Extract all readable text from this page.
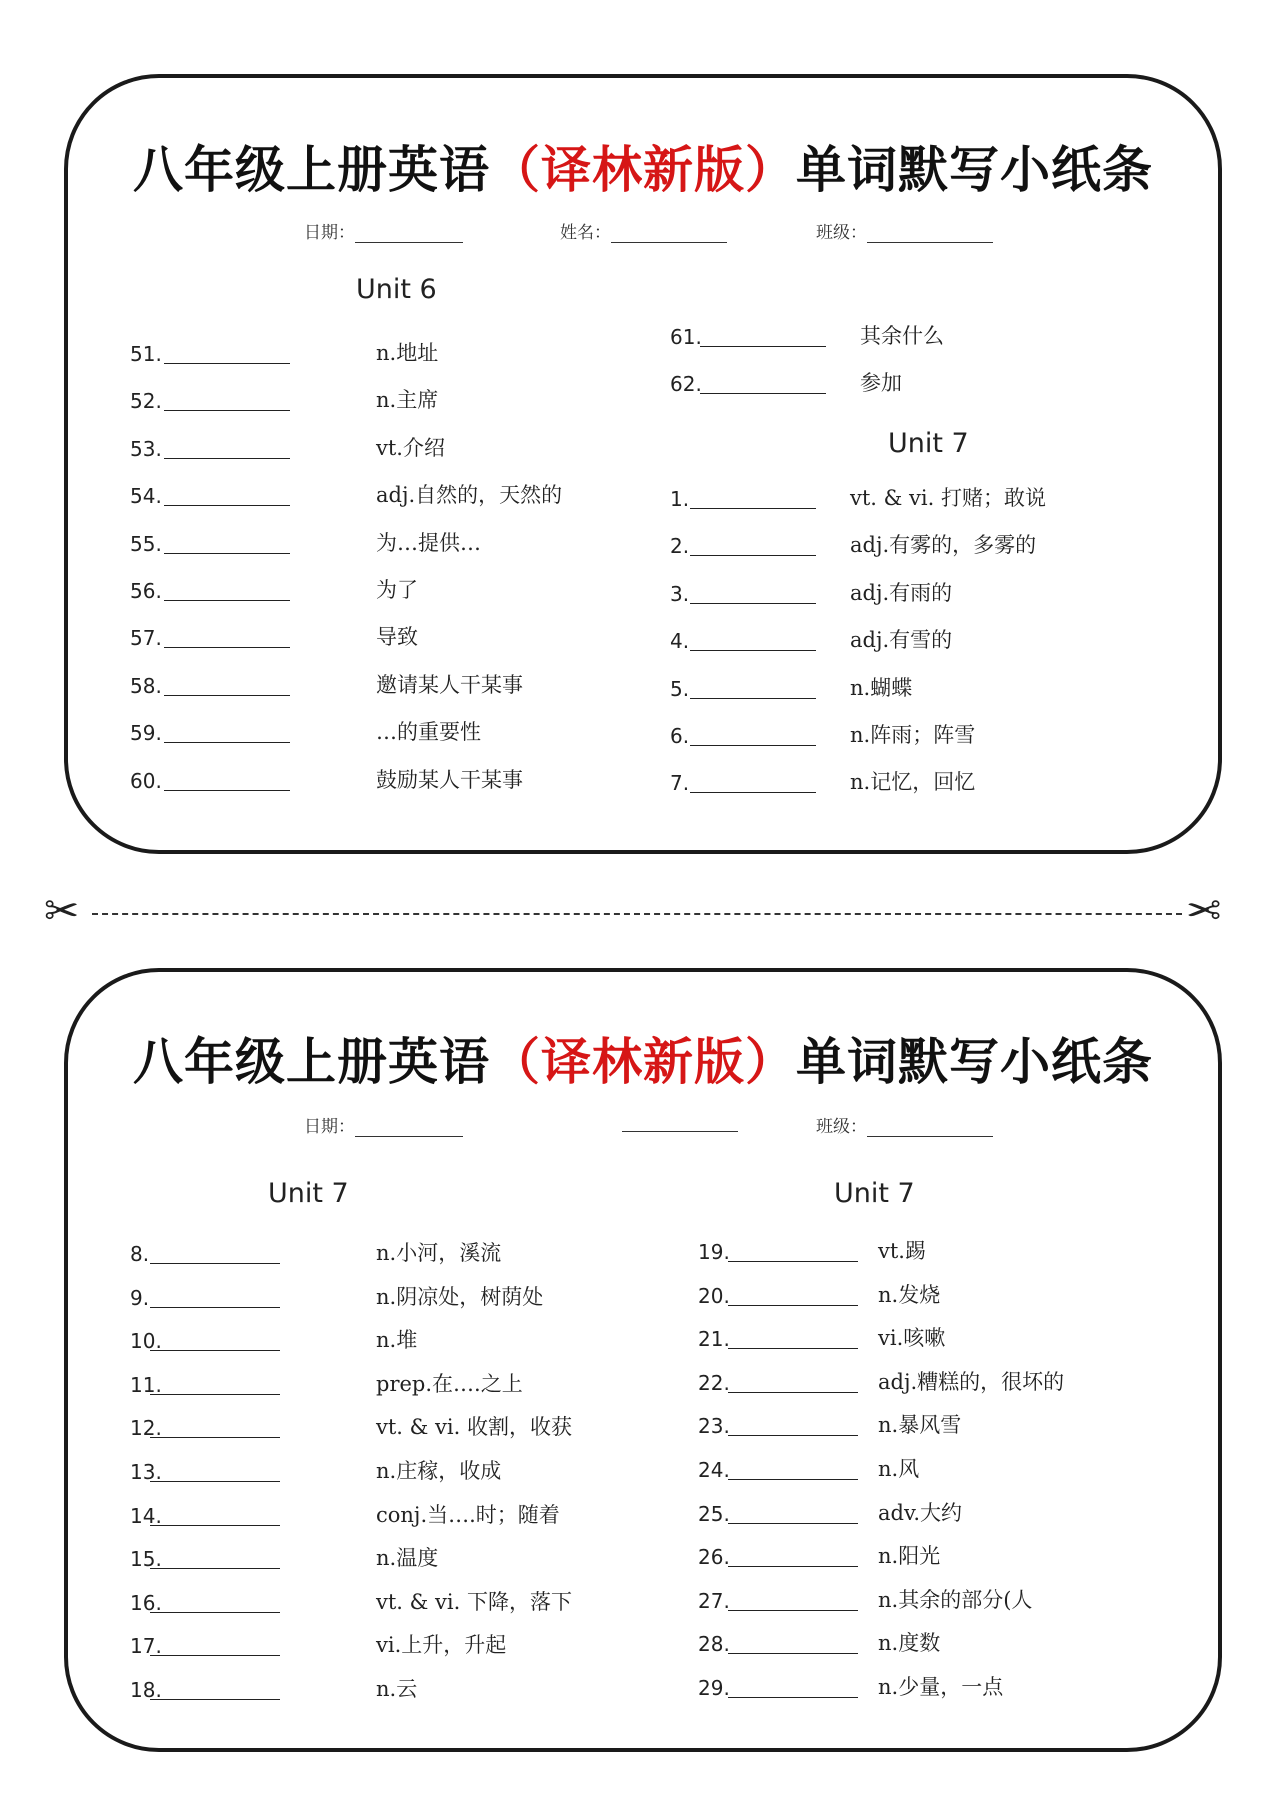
八年级上册英语（译林新版）单词默写小纸条
日期：	姓名：	班级：
Unit 6
Unit 7
51.	n.地址
52.	n.主席
53.	vt.介绍
54.	adj.自然的，天然的
55.	为…提供…
56.	为了
57.	导致
58.	邀请某人干某事
59.	…的重要性
60.	鼓励某人干某事
61.	其余什么
62.	参加
1.	vt. & vi. 打赌；敢说
2.	adj.有雾的，多雾的
3.	adj.有雨的
4.	adj.有雪的
5.	n.蝴蝶
6.	n.阵雨；阵雪
7.	n.记忆，回忆
✂	✂
八年级上册英语（译林新版）单词默写小纸条
日期：	班级：
Unit 7	Unit 7
8.	n.小河，溪流
9.	n.阴凉处，树荫处
10.	n.堆
11.	prep.在….之上
12.	vt. & vi. 收割，收获
13.	n.庄稼，收成
14.	conj.当….时；随着
15.	n.温度
16.	vt. & vi. 下降，落下
17.	vi.上升，升起
18.	n.云
19.	vt.踢
20.	n.发烧
21.	vi.咳嗽
22.	adj.糟糕的，很坏的
23.	n.暴风雪
24.	n.风
25.	adv.大约
26.	n.阳光
27.	n.其余的部分(人
28.	n.度数
29.	n.少量，一点
